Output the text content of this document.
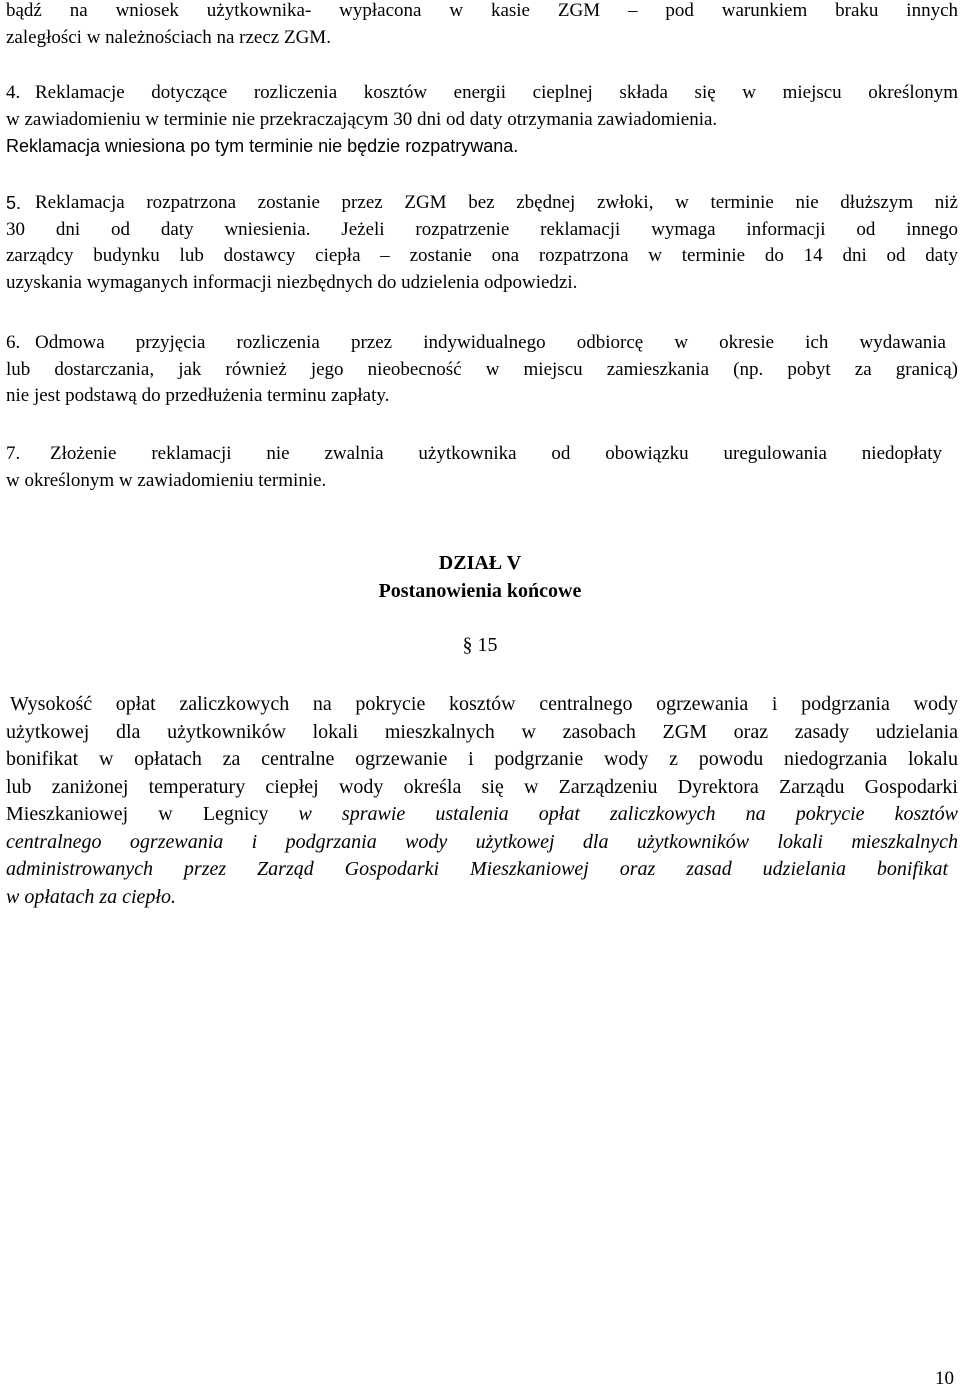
bądź na wniosek użytkownika- wypłacona w kasie ZGM – pod warunkiem braku innych
zaległości w należnościach na rzecz ZGM.
4. Reklamacje dotyczące rozliczenia kosztów energii cieplnej składa się w miejscu określonym
w zawiadomieniu w terminie nie przekraczającym 30 dni od daty otrzymania zawiadomienia.
Reklamacja wniesiona po tym terminie nie będzie rozpatrywana.
5. Reklamacja rozpatrzona zostanie przez ZGM bez zbędnej zwłoki, w terminie nie dłuższym niż
30 dni od daty wniesienia. Jeżeli rozpatrzenie reklamacji wymaga informacji od innego
zarządcy budynku lub dostawcy ciepła – zostanie ona rozpatrzona w terminie do 14 dni od daty
uzyskania wymaganych informacji niezbędnych do udzielenia odpowiedzi.
6. Odmowa przyjęcia rozliczenia przez indywidualnego odbiorcę w okresie ich wydawania
lub dostarczania, jak również jego nieobecność w miejscu zamieszkania (np. pobyt za granicą)
nie jest podstawą do przedłużenia terminu zapłaty.
7. Złożenie reklamacji nie zwalnia użytkownika od obowiązku uregulowania niedopłaty
w określonym w zawiadomieniu terminie.
DZIAŁ V
Postanowienia końcowe
§ 15
Wysokość opłat zaliczkowych na pokrycie kosztów centralnego ogrzewania i podgrzania wody
użytkowej dla użytkowników lokali mieszkalnych w zasobach ZGM oraz zasady udzielania
bonifikat w opłatach za centralne ogrzewanie i podgrzanie wody z powodu niedogrzania lokalu
lub zaniżonej temperatury ciepłej wody określa się w Zarządzeniu Dyrektora Zarządu Gospodarki
Mieszkaniowej w Legnicy w sprawie ustalenia opłat zaliczkowych na pokrycie kosztów
centralnego ogrzewania i podgrzania wody użytkowej dla użytkowników lokali mieszkalnych
administrowanych przez Zarząd Gospodarki Mieszkaniowej oraz zasad udzielania bonifikat
w opłatach za ciepło.
10
